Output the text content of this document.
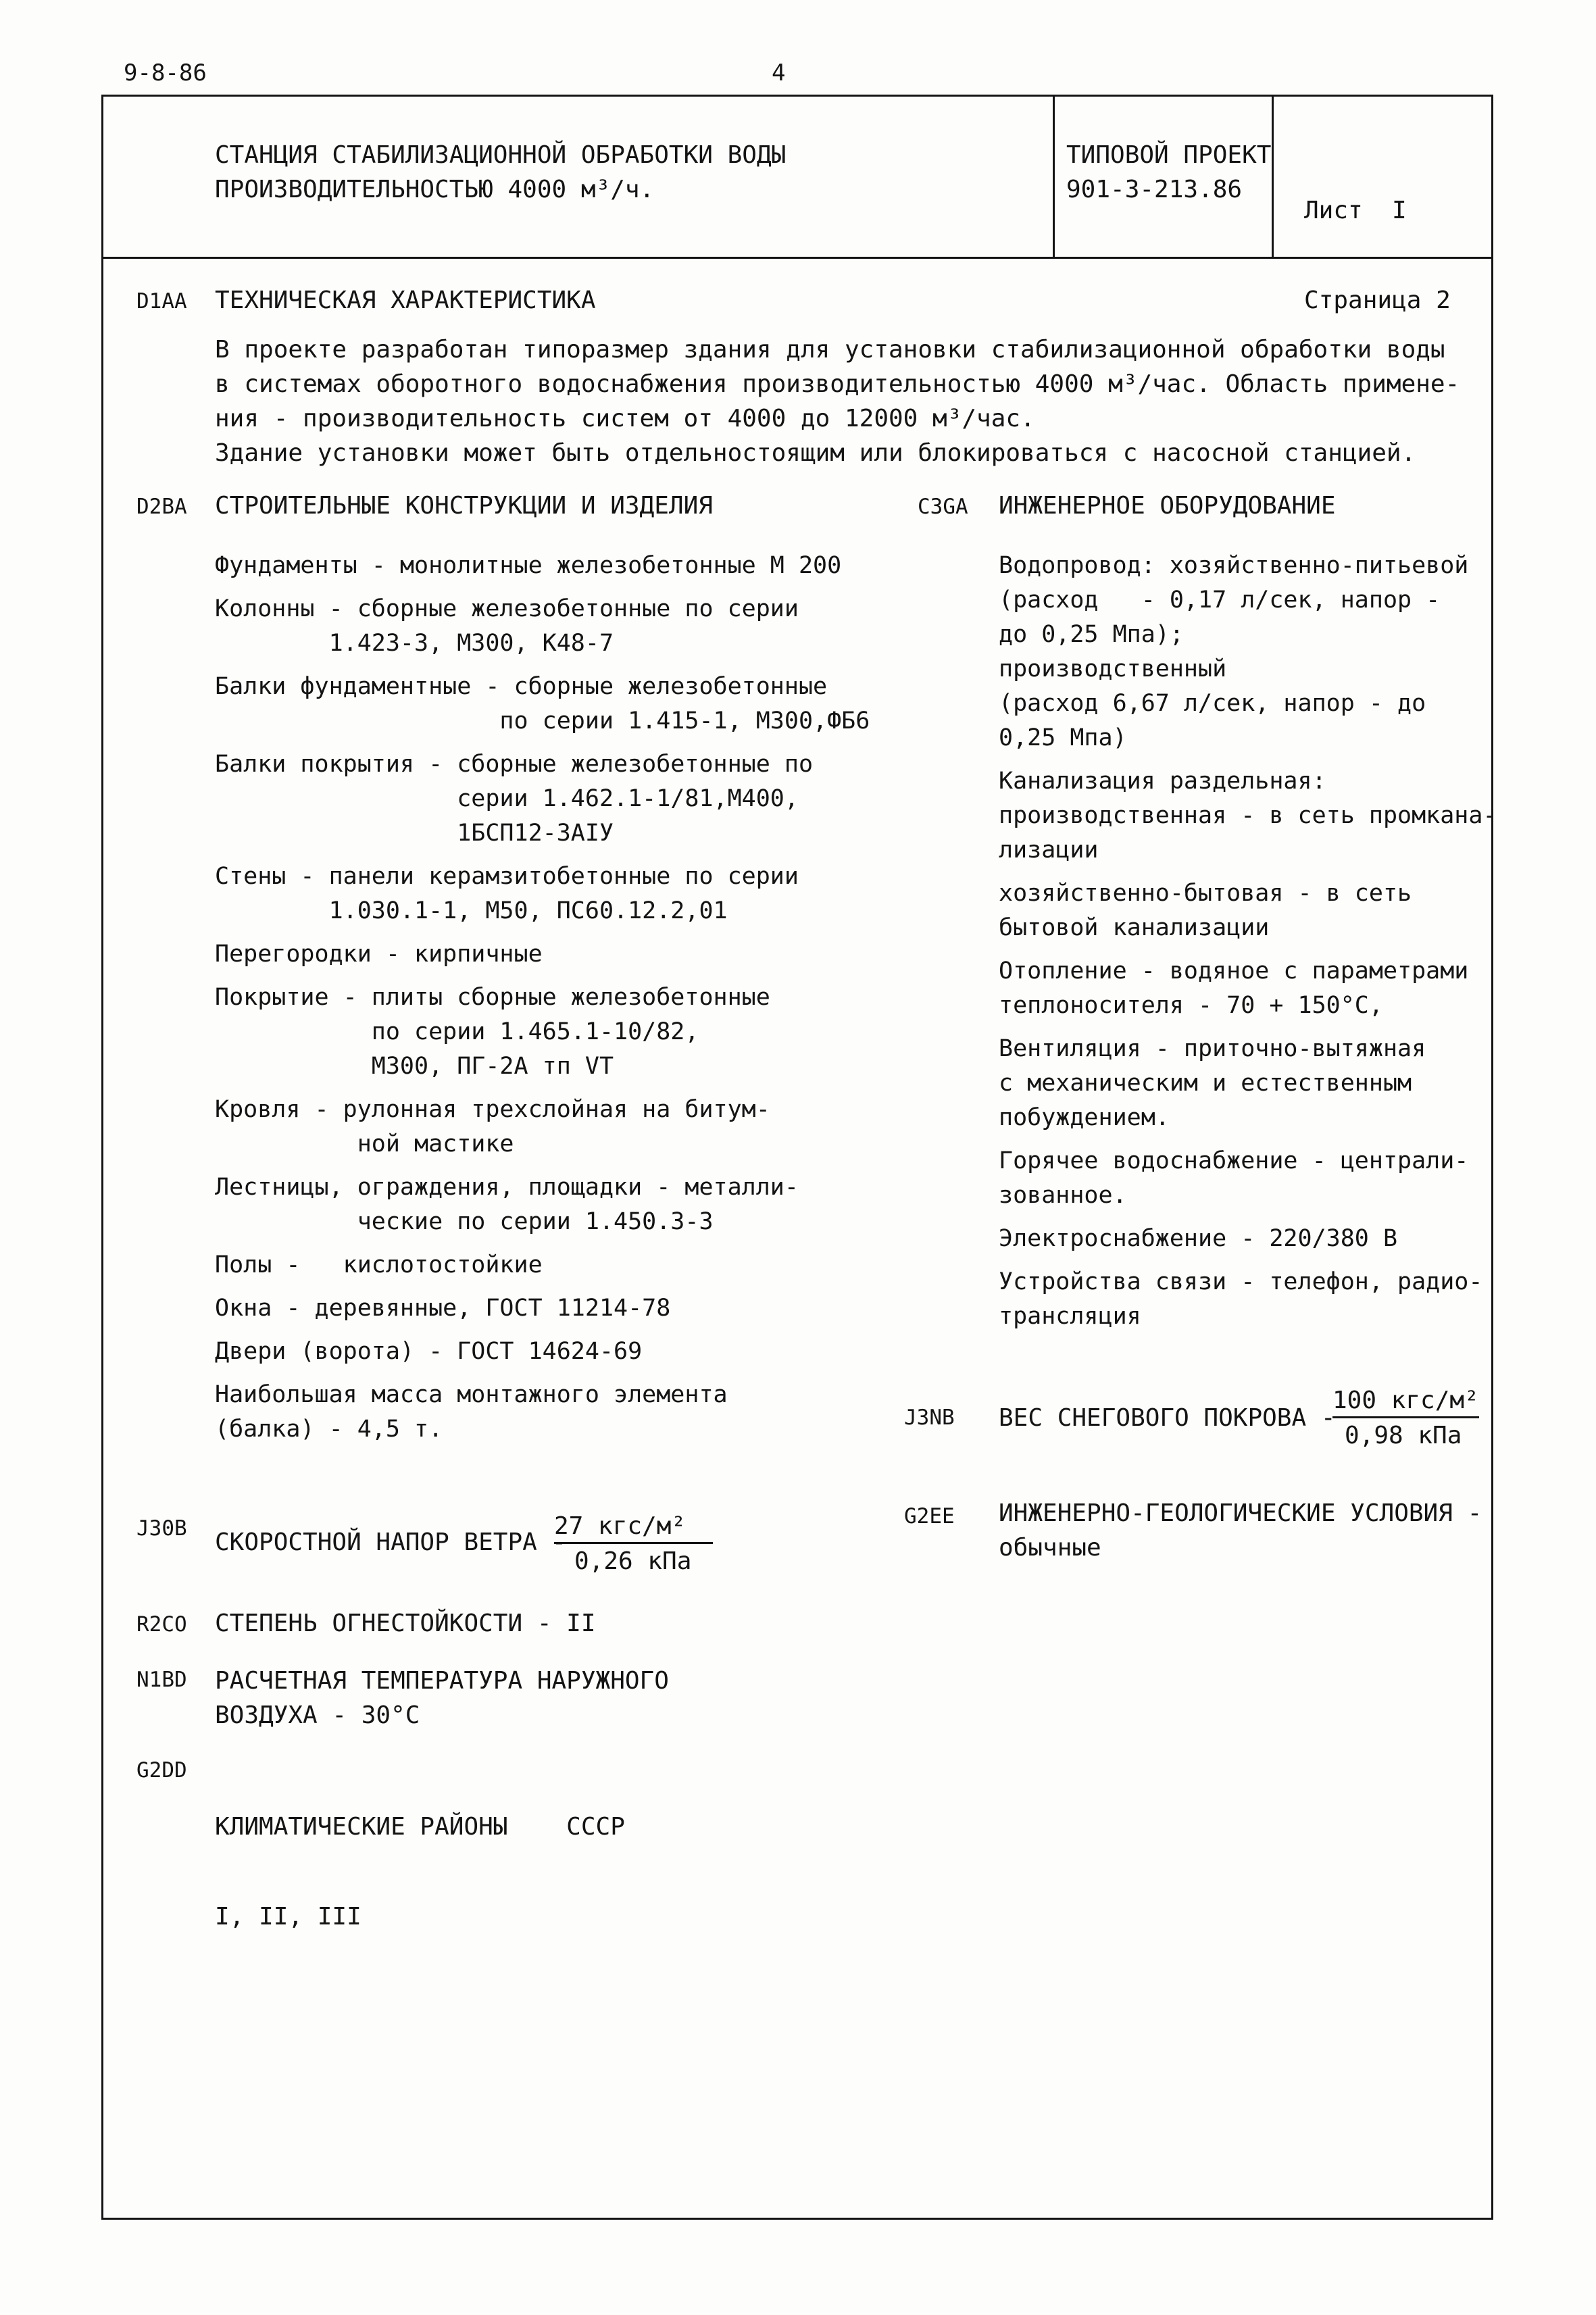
9-8-86	4
СТАНЦИЯ СТАБИЛИЗАЦИОННОЙ ОБРАБОТКИ ВОДЫ
ПРОИЗВОДИТЕЛЬНОСТЬЮ 4000 м³/ч.
ТИПОВОЙ ПРОЕКТ
901-3-213.86

Лист  I

Страница 2

D1AA ТЕХНИЧЕСКАЯ ХАРАКТЕРИСТИКА
В проекте разработан типоразмер здания для установки стабилизационной обработки воды
в системах оборотного водоснабжения производительностью 4000 м³/час. Область примене-
ния - производительность систем от 4000 до 12000 м³/час.
Здание установки может быть отдельностоящим или блокироваться с насосной станцией.
D2BA СТРОИТЕЛЬНЫЕ КОНСТРУКЦИИ И ИЗДЕЛИЯ
Фундаменты - монолитные железобетонные М 200
Колонны - сборные железобетонные по серии
1.423-3, М300, К48-7
Балки фундаментные - сборные железобетонные
по серии 1.415-1, М300,ФБ6
Балки покрытия - сборные железобетонные по
серии 1.462.1-1/81,М400,
1БСП12-3АIУ
Стены - панели керамзитобетонные по серии
1.030.1-1, М50, ПС60.12.2,01
Перегородки - кирпичные
Покрытие - плиты сборные железобетонные
по серии 1.465.1-10/82,
М300, ПГ-2А тп VT
Кровля - рулонная трехслойная на битум-
ной мастике
Лестницы, ограждения, площадки - металли-
ческие по серии 1.450.3-3
Полы -   кислотостойкие
Окна - деревянные, ГОСТ 11214-78
Двери (ворота) - ГОСТ 14624-69
Наибольшая масса монтажного элемента
(балка) - 4,5 т.
C3GA ИНЖЕНЕРНОЕ ОБОРУДОВАНИЕ
Водопровод: хозяйственно-питьевой
(расход   - 0,17 л/сек, напор -
до 0,25 Мпа);
производственный
(расход 6,67 л/сек, напор - до
0,25 Мпа)
Канализация раздельная:
производственная - в сеть промкана-
лизации
хозяйственно-бытовая - в сеть
бытовой канализации
Отопление - водяное с параметрами
теплоносителя - 70 + 150°С,
Вентиляция - приточно-вытяжная
с механическим и естественным
побуждением.
Горячее водоснабжение - централи-
зованное.
Электроснабжение - 220/380 В
Устройства связи - телефон, радио-
трансляция
J3NB ВЕС СНЕГОВОГО ПОКРОВА -
100 кгс/м²
0,98 кПа
G2EE ИНЖЕНЕРНО-ГЕОЛОГИЧЕСКИЕ УСЛОВИЯ -
обычные
J30B СКОРОСТНОЙ НАПОР ВЕТРА -
27 кгс/м²
0,26 кПа
R2CO СТЕПЕНЬ ОГНЕСТОЙКОСТИ - II
N1BD РАСЧЕТНАЯ ТЕМПЕРАТУРА НАРУЖНОГО
ВОЗДУХА - 30°С
G2DD

КЛИМАТИЧЕСКИЕ РАЙОНЫ    СССР

I, II, III
